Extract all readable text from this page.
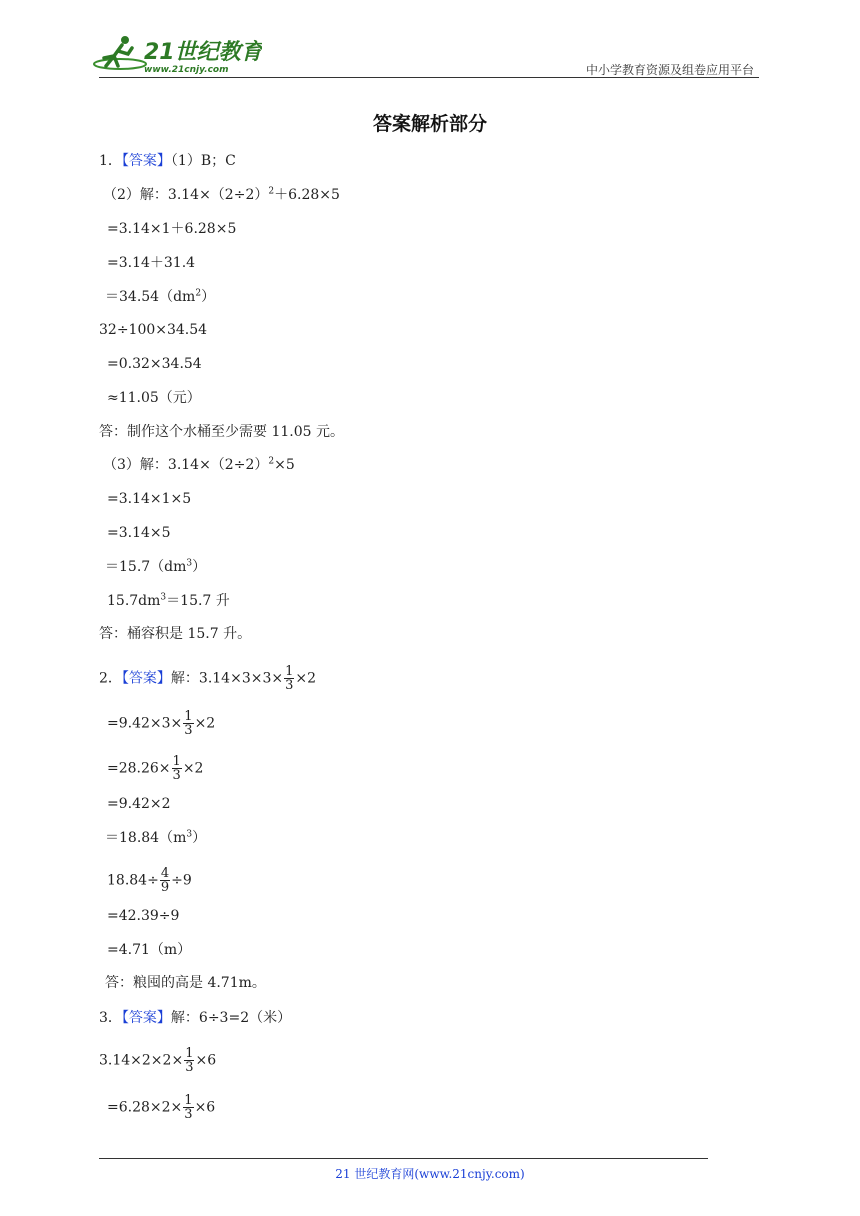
21世纪教育
www.21cnjy.com	中小学教育资源及组卷应用平台
答案解析部分
1．【答案】（1）B；C
（2）解：$3.14\times(2\div 2)^2+6.28\times 5$
=3.14×1＋6.28×5
=3.14＋31.4
$=34.54(dm^2)$
32÷100×34.54
=0.32×34.54
≈11.05（元）
答：制作这个水桶至少需要 11.05 元。
（3）解：$3.14\times(2\div 2)^2\times 5$
=3.14×1×5
=3.14×5
$=15.7(dm^3)$
$15.7dm^3=15.7$ 升
答：桶容积是 15.7 升。
2．【答案】解：$3.14\times 3\times 3\times \frac{1}{3} \times 2$
$=9.42\times 3\times \frac{1}{3} \times 2$
$=28.26\times \frac{1}{3} \times 2$
=9.42×2
$=18.84(m^3)$
$18.84\div \frac{4}{9} \div 9$
=42.39÷9
=4.71（m）
答：粮囤的高是 4.71m。
3．【答案】解：6÷3=2（米）
$3.14\times 2\times 2\times \frac{1}{3} \times 6$
$=6.28\times 2\times \frac{1}{3} \times 6$
21 世纪教育网(www.21cnjy.com)
